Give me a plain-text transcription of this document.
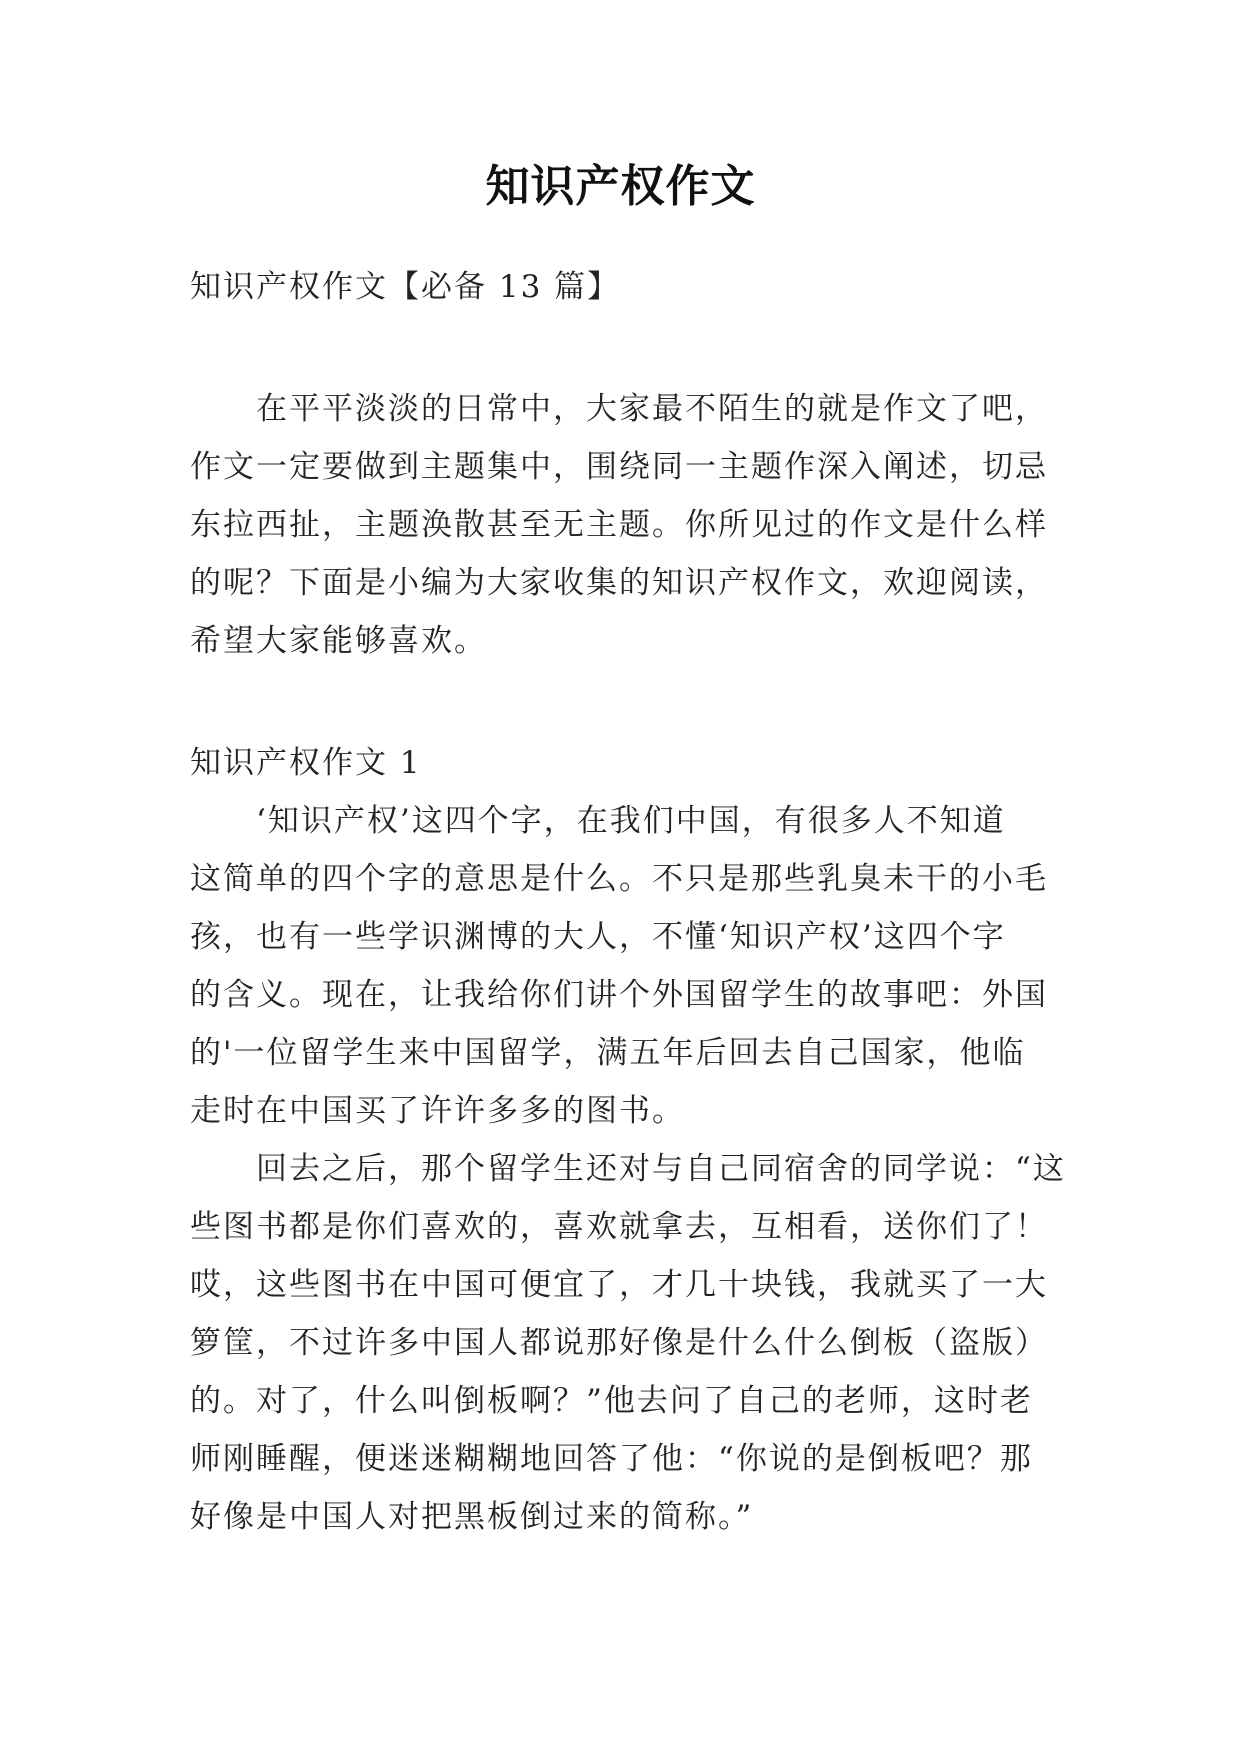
知识产权作文

知识产权作文【必备 13 篇】

在平平淡淡的日常中，大家最不陌生的就是作文了吧，

作文一定要做到主题集中，围绕同一主题作深入阐述，切忌

东拉西扯，主题涣散甚至无主题。你所见过的作文是什么样

的呢？下面是小编为大家收集的知识产权作文，欢迎阅读，

希望大家能够喜欢。

知识产权作文 1

‘知识产权’这四个字，在我们中国，有很多人不知道

这简单的四个字的意思是什么。不只是那些乳臭未干的小毛

孩，也有一些学识渊博的大人，不懂‘知识产权’这四个字

的含义。现在，让我给你们讲个外国留学生的故事吧：外国

的'一位留学生来中国留学，满五年后回去自己国家，他临

走时在中国买了许许多多的图书。

回去之后，那个留学生还对与自己同宿舍的同学说：“这

些图书都是你们喜欢的，喜欢就拿去，互相看，送你们了！

哎，这些图书在中国可便宜了，才几十块钱，我就买了一大

箩筐，不过许多中国人都说那好像是什么什么倒板（盗版）

的。对了，什么叫倒板啊？”他去问了自己的老师，这时老

师刚睡醒，便迷迷糊糊地回答了他：“你说的是倒板吧？那

好像是中国人对把黑板倒过来的简称。”
